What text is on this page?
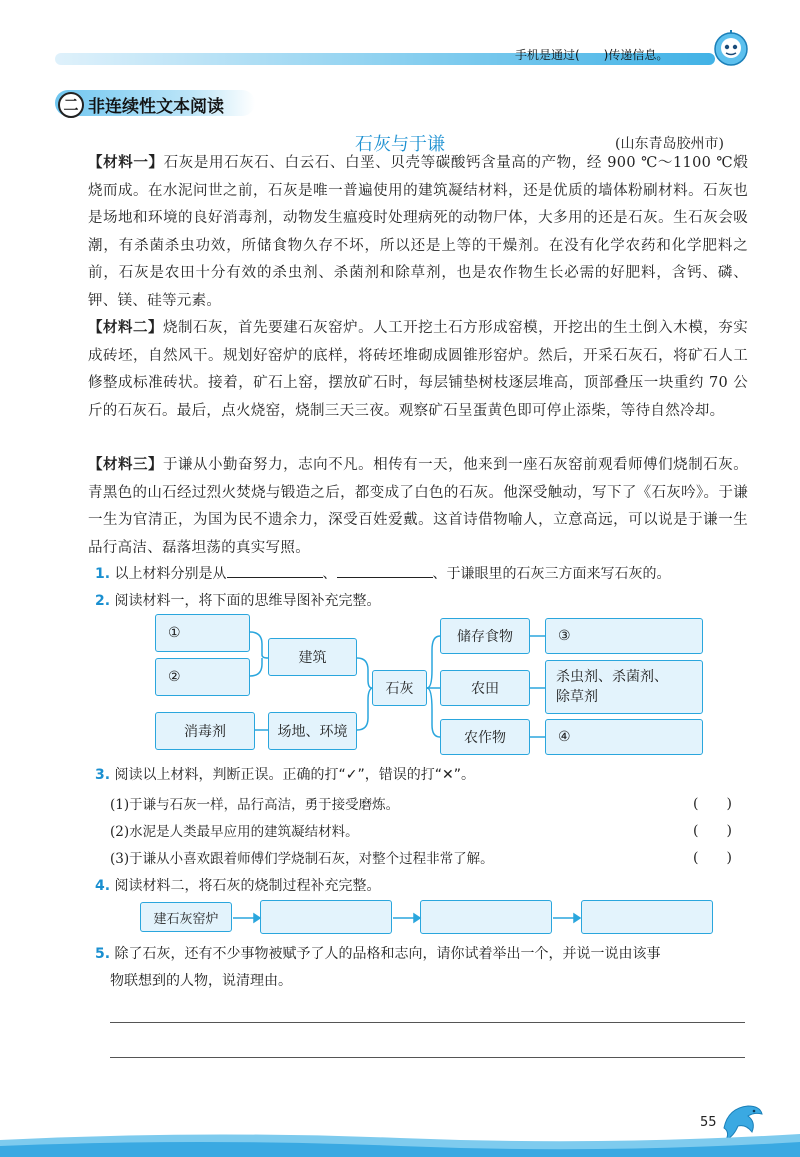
手机是通过(　　)传递信息。
二 非连续性文本阅读
石灰与于谦	(山东青岛胶州市)
【材料一】石灰是用石灰石、白云石、白垩、贝壳等碳酸钙含量高的产物，经 900 ℃～1100 ℃煅烧而成。在水泥问世之前，石灰是唯一普遍使用的建筑凝结材料，还是优质的墙体粉刷材料。石灰也是场地和环境的良好消毒剂，动物发生瘟疫时处理病死的动物尸体，大多用的还是石灰。生石灰会吸潮，有杀菌杀虫功效，所储食物久存不坏，所以还是上等的干燥剂。在没有化学农药和化学肥料之前，石灰是农田十分有效的杀虫剂、杀菌剂和除草剂，也是农作物生长必需的好肥料，含钙、磷、钾、镁、硅等元素。
【材料二】烧制石灰，首先要建石灰窑炉。人工开挖土石方形成窑模，开挖出的生土倒入木模，夯实成砖坯，自然风干。规划好窑炉的底样，将砖坯堆砌成圆锥形窑炉。然后，开采石灰石，将矿石人工修整成标准砖状。接着，矿石上窑，摆放矿石时，每层铺垫树枝逐层堆高，顶部叠压一块重约 70 公斤的石灰石。最后，点火烧窑，烧制三天三夜。观察矿石呈蛋黄色即可停止添柴，等待自然冷却。
【材料三】于谦从小勤奋努力，志向不凡。相传有一天，他来到一座石灰窑前观看师傅们烧制石灰。青黑色的山石经过烈火焚烧与锻造之后，都变成了白色的石灰。他深受触动，写下了《石灰吟》。于谦一生为官清正，为国为民不遗余力，深受百姓爱戴。这首诗借物喻人，立意高远，可以说是于谦一生品行高洁、磊落坦荡的真实写照。
1. 以上材料分别是从	、	、于谦眼里的石灰三方面来写石灰的。
2. 阅读材料一，将下面的思维导图补充完整。
①
②
建筑
消毒剂	场地、环境
石灰
储存食物	③
农田
杀虫剂、杀菌剂、
除草剂
农作物	④
3. 阅读以上材料，判断正误。正确的打“✓”，错误的打“✕”。
(1)于谦与石灰一样，品行高洁，勇于接受磨炼。	(　　)
(2)水泥是人类最早应用的建筑凝结材料。	(　　)
(3)于谦从小喜欢跟着师傅们学烧制石灰，对整个过程非常了解。	(　　)
4. 阅读材料二，将石灰的烧制过程补充完整。
建石灰窑炉
5. 除了石灰，还有不少事物被赋予了人的品格和志向，请你试着举出一个，并说一说由该事
物联想到的人物，说清理由。
55
